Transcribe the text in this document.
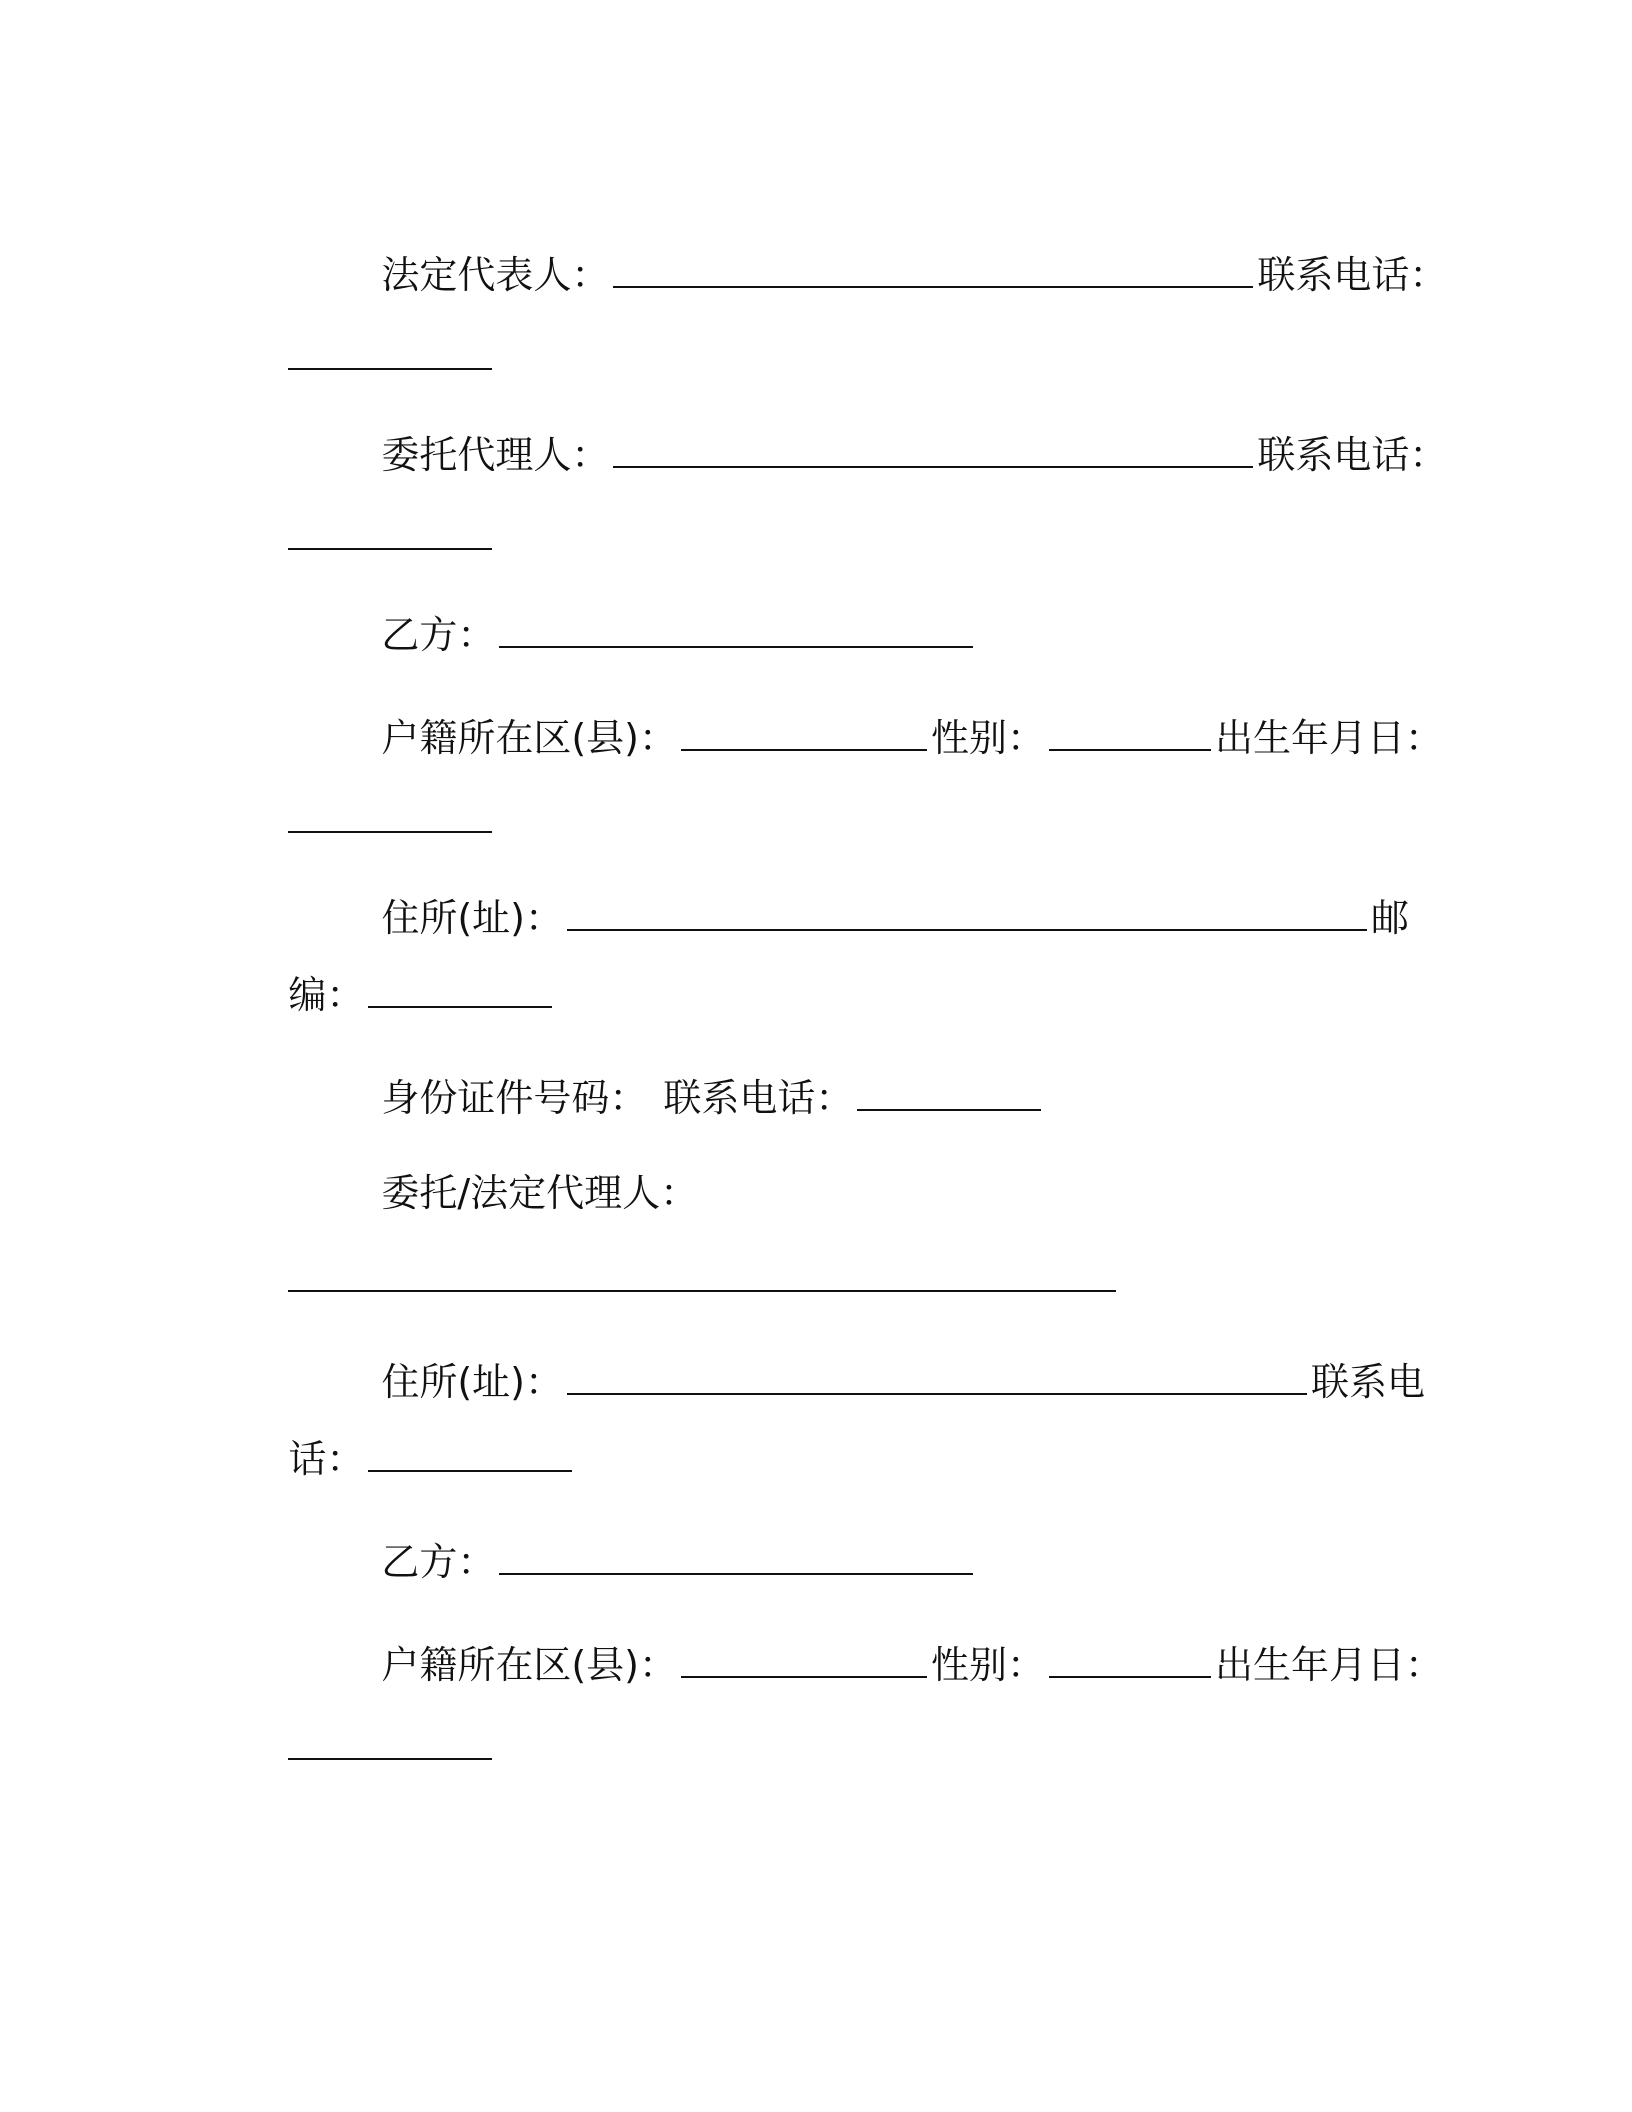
法定代表人：	联系电话：

委托代理人：	联系电话：

乙方：

户籍所在区(县)：	性别：	出生年月日：

住所(址)：	邮

编：

身份证件号码： 联系电话：

委托/法定代理人：

住所(址)：	联系电

话：

乙方：

户籍所在区(县)：	性别：	出生年月日：
